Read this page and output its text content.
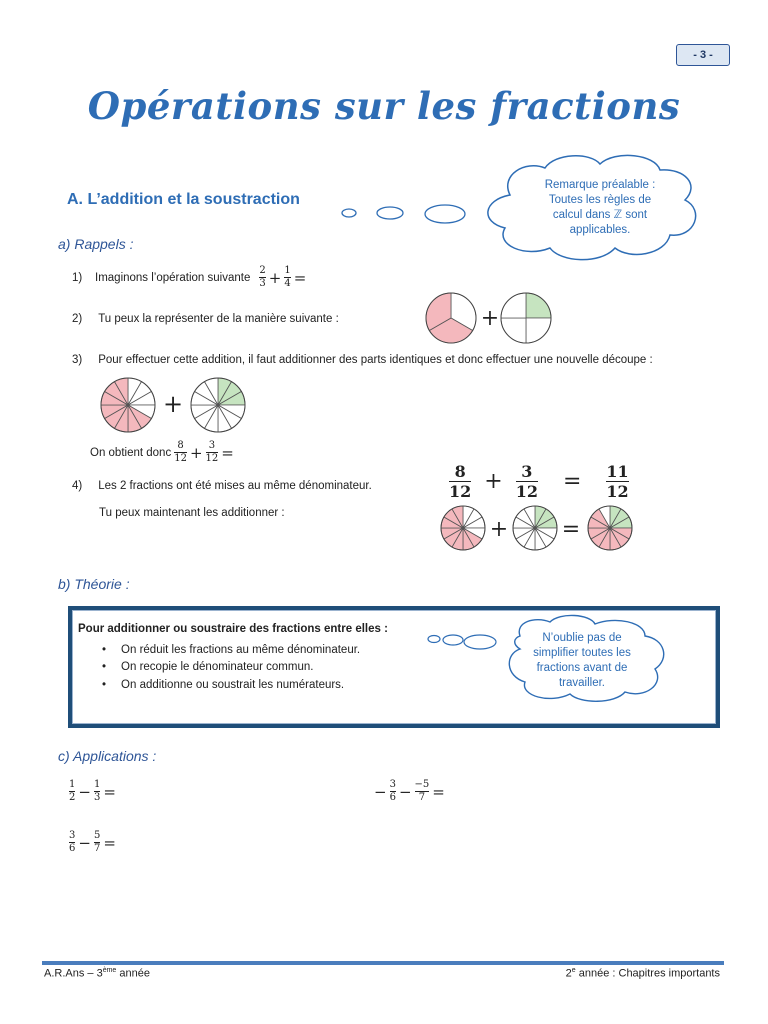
- 3 -
Opérations sur les fractions
A. L’addition et la soustraction
Remarque préalable :
Toutes les règles de
calcul dans ℤ sont
applicables.
a) Rappels :
1)	Imaginons l’opération suivante $\frac{2}{3} + \frac{1}{4}$ =
2) Tu peux la représenter de la manière suivante :	+
3) Pour effectuer cette addition, il faut additionner des parts identiques et donc effectuer une nouvelle découpe :
+
On obtient donc $\frac{8}{12} + \frac{3}{12}$ =
4) Les 2 fractions ont été mises au même dénominateur.
Tu peux maintenant les additionner :
$\frac{8}{12} + \frac{3}{12} = \frac{11}{12}$
+ =
b) Théorie :
Pour additionner ou soustraire des fractions entre elles :
• On réduit les fractions au même dénominateur.
• On recopie le dénominateur commun.
• On additionne ou soustrait les numérateurs.
N’oublie pas de
simplifier toutes les
fractions avant de
travailler.
c) Applications :
$\frac{1}{2} - \frac{1}{3}$ =	− $\frac{3}{6} - \frac{-5}{7}$ =
$\frac{3}{6} - \frac{5}{7}$ =
A.R.Ans – 3ème année	2e année : Chapitres importants
